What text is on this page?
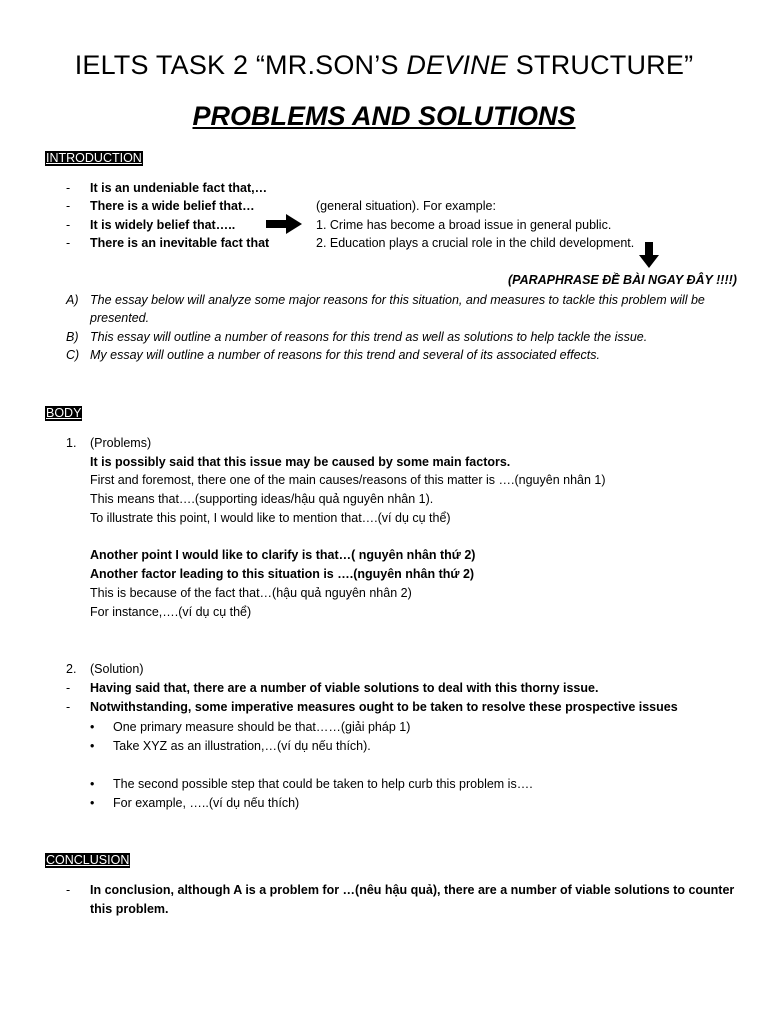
IELTS TASK 2 “MR.SON’S DEVINE STRUCTURE”
PROBLEMS AND SOLUTIONS
INTRODUCTION
- It is an undeniable fact that,…
- There is a wide belief that…	(general situation). For example:
- It is widely belief that…..	1. Crime has become a broad issue in general public.
- There is an inevitable fact that	2. Education plays a crucial role in the child development.
(PARAPHRASE ĐỀ BÀI NGAY ĐÂY !!!!)
A) The essay below will analyze some major reasons for this situation, and measures to tackle this problem will be
presented.
B) This essay will outline a number of reasons for this trend as well as solutions to help tackle the issue.
C) My essay will outline a number of reasons for this trend and several of its associated effects.
BODY
1. (Problems)
It is possibly said that this issue may be caused by some main factors.
First and foremost, there one of the main causes/reasons of this matter is ….(nguyên nhân 1)
This means that….(supporting ideas/hậu quả nguyên nhân 1).
To illustrate this point, I would like to mention that….(ví dụ cụ thể)
Another point I would like to clarify is that…( nguyên nhân thứ 2)
Another factor leading to this situation is ….(nguyên nhân thứ 2)
This is because of the fact that…(hậu quả nguyên nhân 2)
For instance,….(ví dụ cụ thể)
2. (Solution)
- Having said that, there are a number of viable solutions to deal with this thorny issue.
- Notwithstanding, some imperative measures ought to be taken to resolve these prospective issues
• One primary measure should be that……(giải pháp 1)
• Take XYZ as an illustration,…(ví dụ nếu thích).
• The second possible step that could be taken to help curb this problem is….
• For example, …..(ví dụ nếu thích)
CONCLUSION
- In conclusion, although A is a problem for …(nêu hậu quả), there are a number of viable solutions to counter
this problem.
